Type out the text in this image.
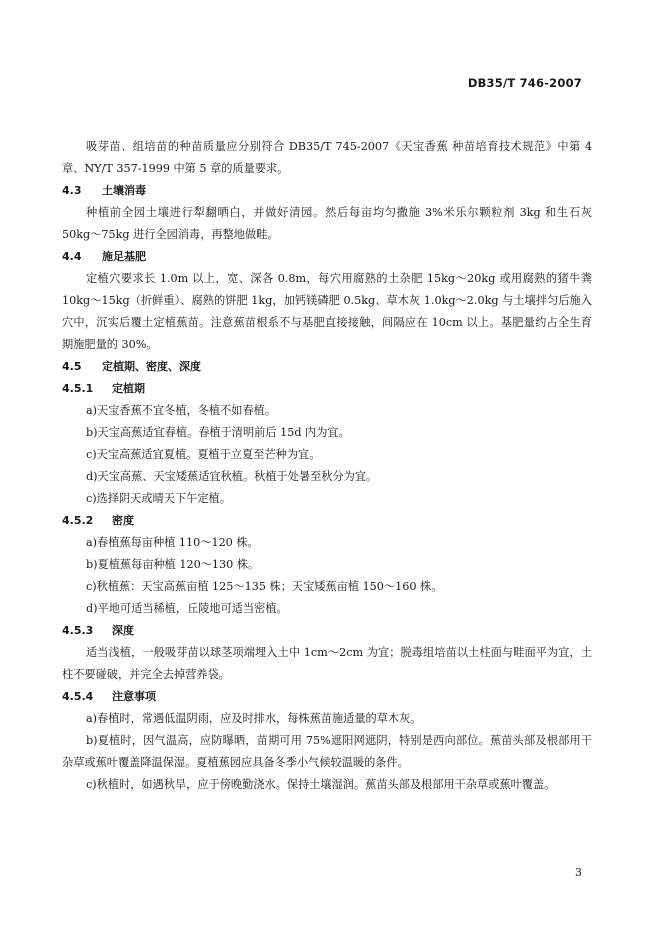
DB35/T 746-2007

吸芽苗、组培苗的种苗质量应分别符合 DB35/T 745-2007《天宝香蕉 种苗培育技术规范》中第 4 章、NY/T 357-1999 中第 5 章的质量要求。

4.3 土壤消毒

种植前全园土壤进行犁翻晒白，并做好清园。然后每亩均匀撒施 3%米乐尔颗粒剂 3kg 和生石灰 50kg～75kg 进行全园消毒，再整地做畦。

4.4 施足基肥

定植穴要求长 1.0m 以上，宽、深各 0.8m，每穴用腐熟的土杂肥 15kg～20kg 或用腐熟的猪牛粪 10kg～15kg（折鲜重）、腐熟的饼肥 1kg，加钙镁磷肥 0.5kg、草木灰 1.0kg～2.0kg 与土壤拌匀后施入穴中，沉实后覆土定植蕉苗。注意蕉苗根系不与基肥直接接触，间隔应在 10cm 以上。基肥量约占全生育期施肥量的 30%。

4.5 定植期、密度、深度
4.5.1 定植期

a)天宝香蕉不宜冬植，冬植不如春植。

b)天宝高蕉适宜春植。春植于清明前后 15d 内为宜。

c)天宝高蕉适宜夏植。夏植于立夏至芒种为宜。

d)天宝高蕉、天宝矮蕉适宜秋植。秋植于处暑至秋分为宜。

c)选择阴天或晴天下午定植。

4.5.2 密度

a)春植蕉每亩种植 110～120 株。

b)夏植蕉每亩种植 120～130 株。

c)秋植蕉：天宝高蕉亩植 125～135 株；天宝矮蕉亩植 150～160 株。

d)平地可适当稀植，丘陵地可适当密植。

4.5.3 深度

适当浅植，一般吸芽苗以球茎项端埋入土中 1cm～2cm 为宜；脱毒组培苗以土柱面与畦面平为宜，土柱不要碰破，并完全去掉营养袋。

4.5.4 注意事项

a)春植时，常遇低温阴雨，应及时排水，每株蕉苗施适量的草木灰。

b)夏植时，因气温高，应防曝晒，苗期可用 75%遮阳网遮阴，特别是西向部位。蕉苗头部及根部用干杂草或蕉叶覆盖降温保湿。夏植蕉园应具备冬季小气候较温暖的条件。

c)秋植时，如遇秋旱，应于傍晚勤浇水。保持土壤湿润。蕉苗头部及根部用干杂草或蕉叶覆盖。

3
